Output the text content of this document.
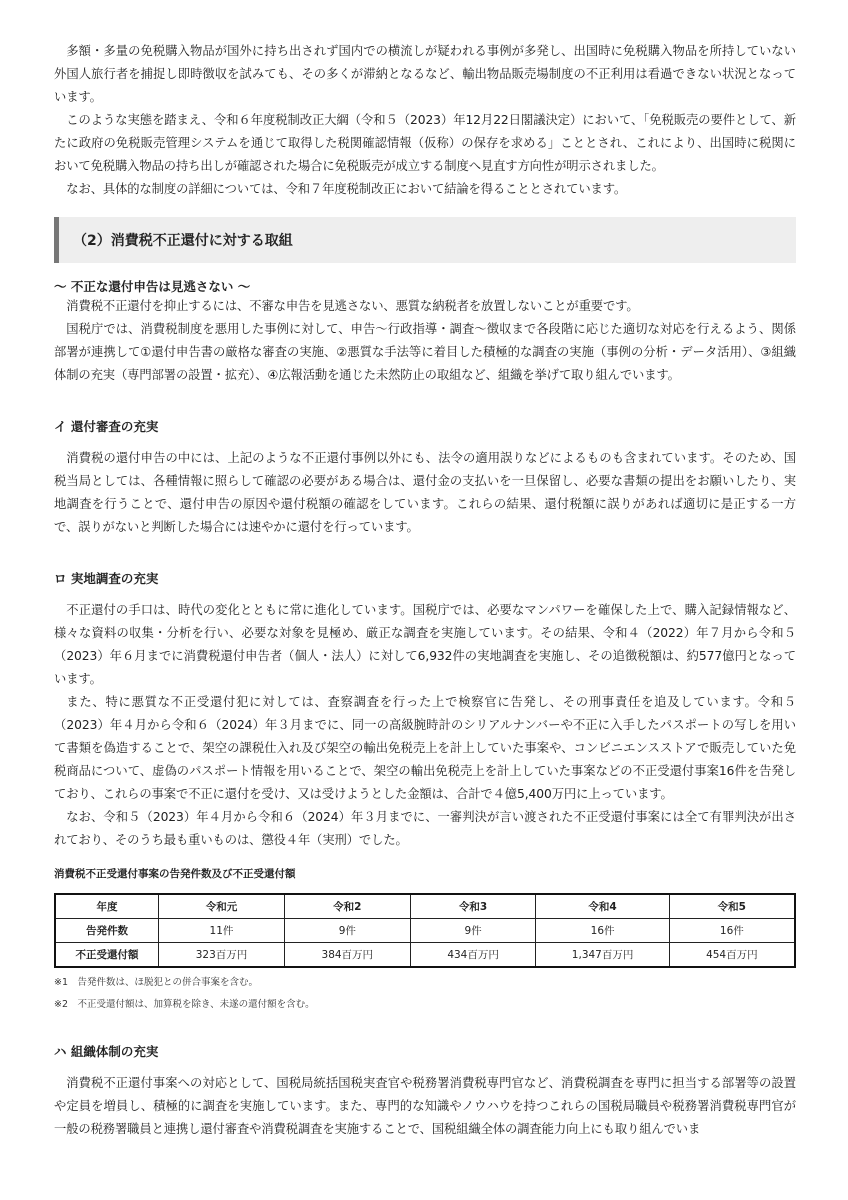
多額・多量の免税購入物品が国外に持ち出されず国内での横流しが疑われる事例が多発し、出国時に免税購入物品を所持していない外国人旅行者を捕捉し即時徴収を試みても、その多くが滞納となるなど、輸出物品販売場制度の不正利用は看過できない状況となっています。

このような実態を踏まえ、令和６年度税制改正大綱（令和５（2023）年12月22日閣議決定）において、「免税販売の要件として、新たに政府の免税販売管理システムを通じて取得した税関確認情報（仮称）の保存を求める」こととされ、これにより、出国時に税関において免税購入物品の持ち出しが確認された場合に免税販売が成立する制度へ見直す方向性が明示されました。

なお、具体的な制度の詳細については、令和７年度税制改正において結論を得ることとされています。

（2）消費税不正還付に対する取組
～ 不正な還付申告は見逃さない ～

消費税不正還付を抑止するには、不審な申告を見逃さない、悪質な納税者を放置しないことが重要です。

国税庁では、消費税制度を悪用した事例に対して、申告～行政指導・調査～徴収まで各段階に応じた適切な対応を行えるよう、関係部署が連携して①還付申告書の厳格な審査の実施、②悪質な手法等に着目した積極的な調査の実施（事例の分析・データ活用）、③組織体制の充実（専門部署の設置・拡充）、④広報活動を通じた未然防止の取組など、組織を挙げて取り組んでいます。

イ 還付審査の充実

消費税の還付申告の中には、上記のような不正還付事例以外にも、法令の適用誤りなどによるものも含まれています。そのため、国税当局としては、各種情報に照らして確認の必要がある場合は、還付金の支払いを一旦保留し、必要な書類の提出をお願いしたり、実地調査を行うことで、還付申告の原因や還付税額の確認をしています。これらの結果、還付税額に誤りがあれば適切に是正する一方で、誤りがないと判断した場合には速やかに還付を行っています。

ロ 実地調査の充実

不正還付の手口は、時代の変化とともに常に進化しています。国税庁では、必要なマンパワーを確保した上で、購入記録情報など、様々な資料の収集・分析を行い、必要な対象を見極め、厳正な調査を実施しています。その結果、令和４（2022）年７月から令和５（2023）年６月までに消費税還付申告者（個人・法人）に対して6,932件の実地調査を実施し、その追徴税額は、約577億円となっています。

また、特に悪質な不正受還付犯に対しては、査察調査を行った上で検察官に告発し、その刑事責任を追及しています。令和５（2023）年４月から令和６（2024）年３月までに、同一の高級腕時計のシリアルナンバーや不正に入手したパスポートの写しを用いて書類を偽造することで、架空の課税仕入れ及び架空の輸出免税売上を計上していた事案や、コンビニエンスストアで販売していた免税商品について、虚偽のパスポート情報を用いることで、架空の輸出免税売上を計上していた事案などの不正受還付事案16件を告発しており、これらの事案で不正に還付を受け、又は受けようとした金額は、合計で４億5,400万円に上っています。

なお、令和５（2023）年４月から令和６（2024）年３月までに、一審判決が言い渡された不正受還付事案には全て有罪判決が出されており、そのうち最も重いものは、懲役４年（実刑）でした。

消費税不正受還付事案の告発件数及び不正受還付額
年度	令和元	令和2	令和3	令和4	令和5
告発件数	11件	9件	9件	16件	16件
不正受還付額	323百万円	384百万円	434百万円	1,347百万円	454百万円
※1　告発件数は、ほ脱犯との併合事案を含む。
※2　不正受還付額は、加算税を除き、未遂の還付額を含む。
ハ 組織体制の充実

消費税不正還付事案への対応として、国税局統括国税実査官や税務署消費税専門官など、消費税調査を専門に担当する部署等の設置や定員を増員し、積極的に調査を実施しています。また、専門的な知識やノウハウを持つこれらの国税局職員や税務署消費税専門官が一般の税務署職員と連携し還付審査や消費税調査を実施することで、国税組織全体の調査能力向上にも取り組んでいま
